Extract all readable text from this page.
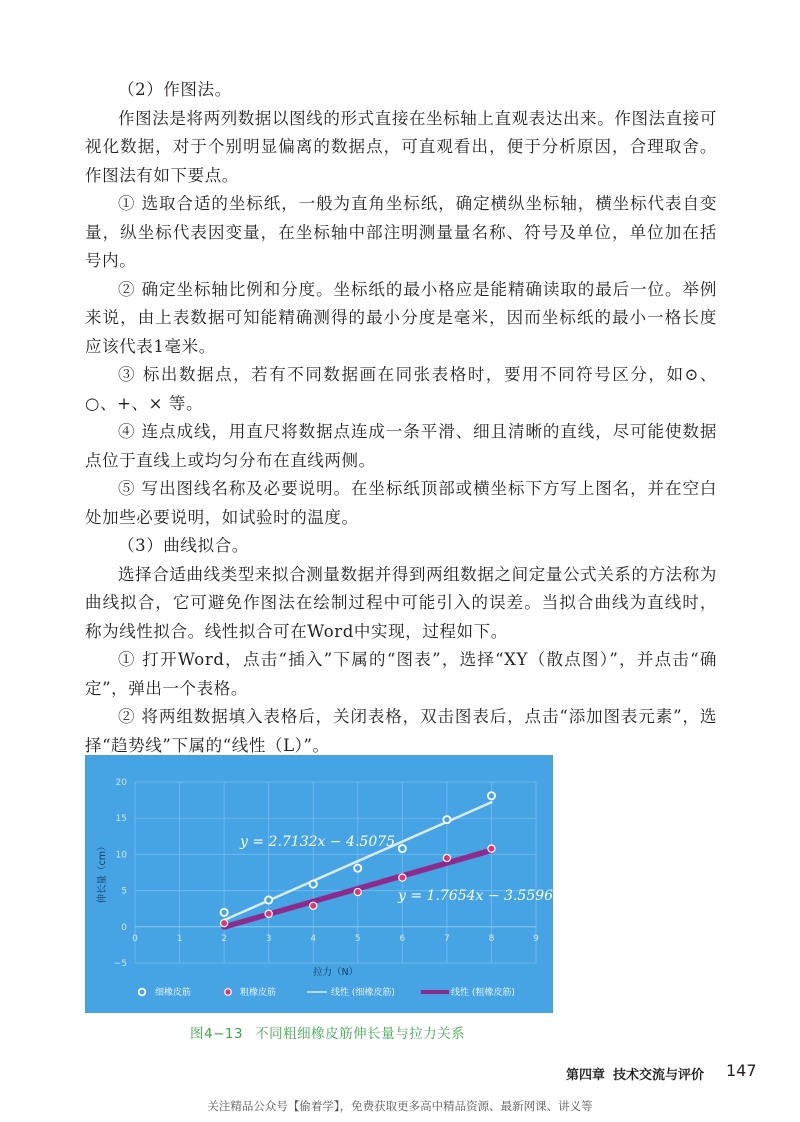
（2）作图法。

作图法是将两列数据以图线的形式直接在坐标轴上直观表达出来。作图法直接可视化数据，对于个别明显偏离的数据点，可直观看出，便于分析原因，合理取舍。作图法有如下要点。

① 选取合适的坐标纸，一般为直角坐标纸，确定横纵坐标轴，横坐标代表自变量，纵坐标代表因变量，在坐标轴中部注明测量量名称、符号及单位，单位加在括号内。

② 确定坐标轴比例和分度。坐标纸的最小格应是能精确读取的最后一位。举例来说，由上表数据可知能精确测得的最小分度是毫米，因而坐标纸的最小一格长度应该代表1毫米。

③ 标出数据点，若有不同数据画在同张表格时，要用不同符号区分，如⊙、○、+、× 等。

④ 连点成线，用直尺将数据点连成一条平滑、细且清晰的直线，尽可能使数据点位于直线上或均匀分布在直线两侧。

⑤ 写出图线名称及必要说明。在坐标纸顶部或横坐标下方写上图名，并在空白处加些必要说明，如试验时的温度。

（3）曲线拟合。

选择合适曲线类型来拟合测量数据并得到两组数据之间定量公式关系的方法称为曲线拟合，它可避免作图法在绘制过程中可能引入的误差。当拟合曲线为直线时，称为线性拟合。线性拟合可在Word中实现，过程如下。

① 打开Word，点击“插入”下属的“图表”，选择“XY（散点图）”，并点击“确定”，弹出一个表格。

② 将两组数据填入表格后，关闭表格，双击图表后，点击“添加图表元素”，选择“趋势线”下属的“线性（L）”。

0	1	2	3	4	5	6	7	8	9
20
15
10
5
0
−5
拉力（N）
伸长量（cm）	y = 2.7132x − 4.5075
y = 1.7654x − 3.5596
细橡皮筋	粗橡皮筋	线性 (细橡皮筋)	线性 (粗橡皮筋)
图4−13 不同粗细橡皮筋伸长量与拉力关系
第四章 技术交流与评价 147
关注精品公众号【偷着学】，免费获取更多高中精品资源、最新网课、讲义等
